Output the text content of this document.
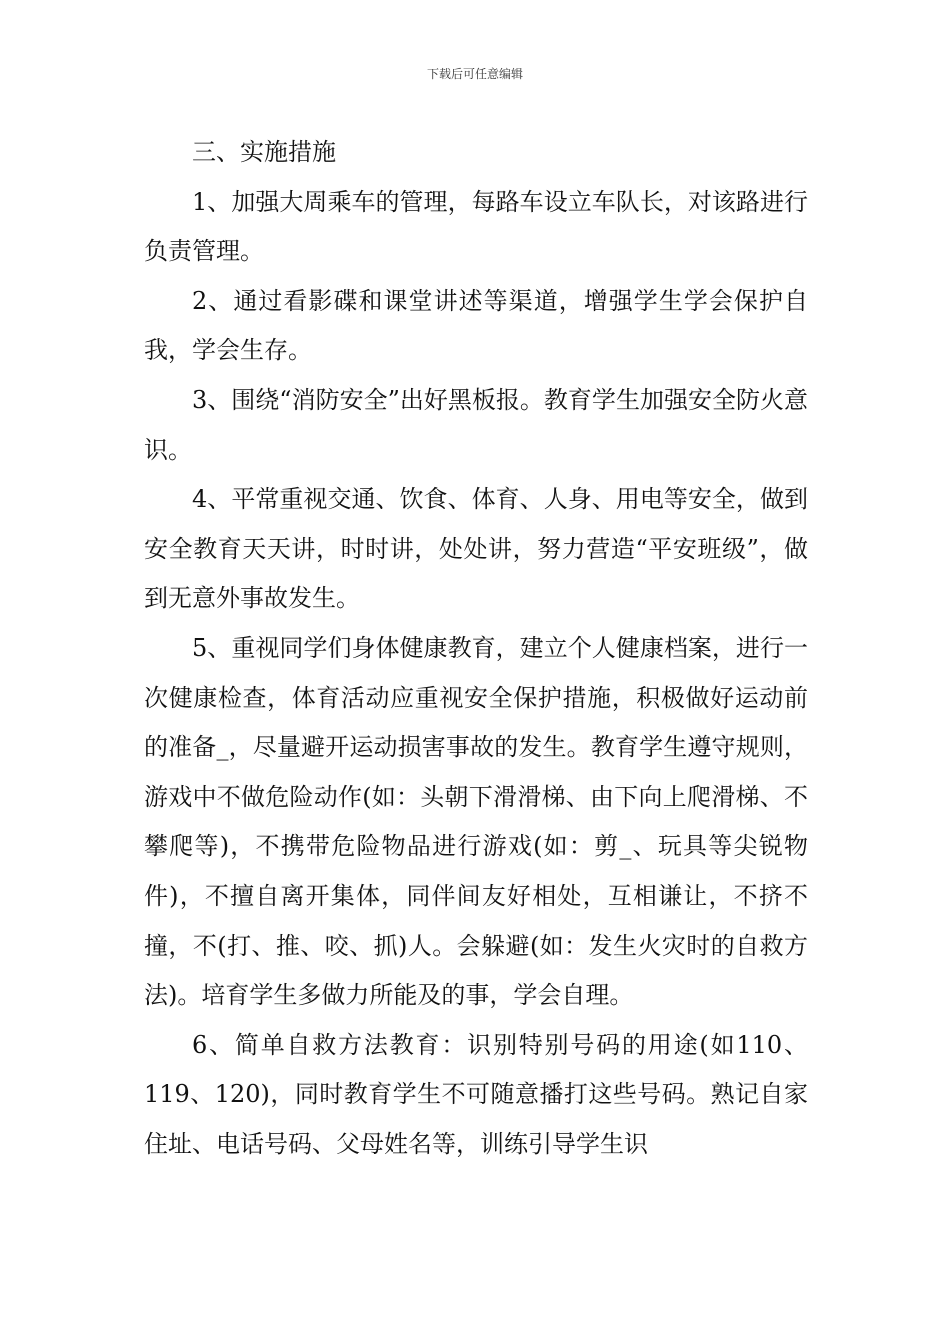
下载后可任意编辑

三、实施措施

1、加强大周乘车的管理，每路车设立车队长，对该路进行负责管理。

2、通过看影碟和课堂讲述等渠道，增强学生学会保护自我，学会生存。

3、围绕“消防安全”出好黑板报。教育学生加强安全防火意识。

4、平常重视交通、饮食、体育、人身、用电等安全，做到安全教育天天讲，时时讲，处处讲，努力营造“平安班级”，做到无意外事故发生。

5、重视同学们身体健康教育，建立个人健康档案，进行一次健康检查，体育活动应重视安全保护措施，积极做好运动前的准备_，尽量避开运动损害事故的发生。教育学生遵守规则，游戏中不做危险动作(如：头朝下滑滑梯、由下向上爬滑梯、不攀爬等)，不携带危险物品进行游戏(如：剪_、玩具等尖锐物件)，不擅自离开集体，同伴间友好相处，互相谦让，不挤不撞，不(打、推、咬、抓)人。会躲避(如：发生火灾时的自救方法)。培育学生多做力所能及的事，学会自理。

6、简单自救方法教育：识别特别号码的用途(如110、119、120)，同时教育学生不可随意播打这些号码。熟记自家住址、电话号码、父母姓名等，训练引导学生识
